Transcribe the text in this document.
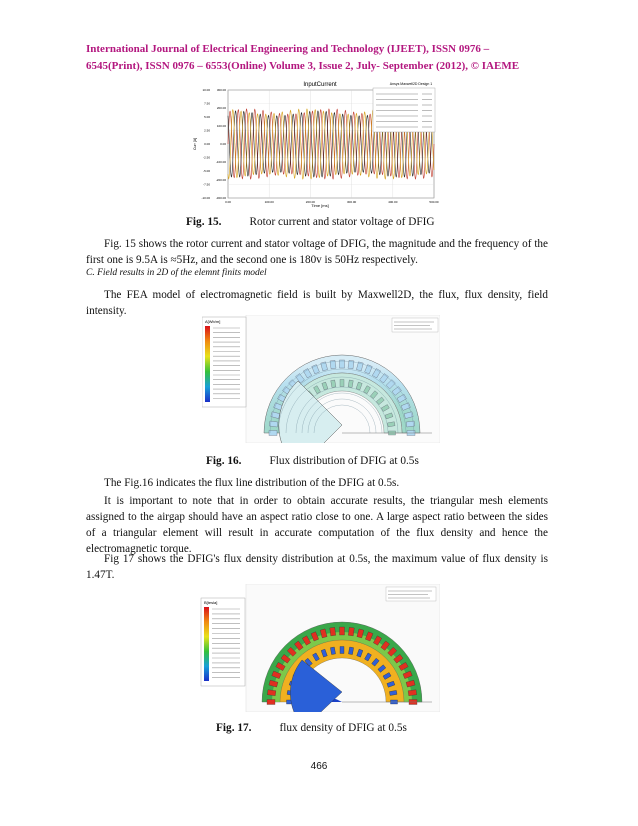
International Journal of Electrical Engineering and Technology (IJEET), ISSN 0976 –
6545(Print), ISSN 0976 – 6553(Online) Volume 3, Issue 2, July- September (2012), © IAEME
InputCurrent	Ansys Maxwell2D Design 1
Time [ms]
Curr [A]
0.00	100.00	200.00	300.00	400.00	500.00
300.00
200.00
100.00
0.00
-100.00
-200.00
-300.00
10.00
7.50
5.00
2.50
0.00
-2.50
-5.00
-7.50
-10.00
Fig. 15. Rotor current and stator voltage of DFIG
Fig. 15 shows the rotor current and stator voltage of DFIG, the magnitude and the frequency of the first one is 9.5A is ≈5Hz, and the second one is 180v is 50Hz respectively.
C. Field results in 2D of the elemnt finits model
The FEA model of electromagnetic field is built by Maxwell2D, the flux, flux density, field intensity.
A[Wb/m]
Fig. 16. Flux distribution of DFIG at 0.5s
The Fig.16 indicates the flux line distribution of the DFIG at 0.5s.
It is important to note that in order to obtain accurate results, the triangular mesh elements assigned to the airgap should have an aspect ratio close to one. A large aspect ratio between the sides of a triangular element will result in accurate computation of the flux density and hence the electromagnetic torque.
Fig 17 shows the DFIG's flux density distribution at 0.5s, the maximum value of flux density is 1.47T.
B[tesla]
Fig. 17. flux density of DFIG at 0.5s
466
